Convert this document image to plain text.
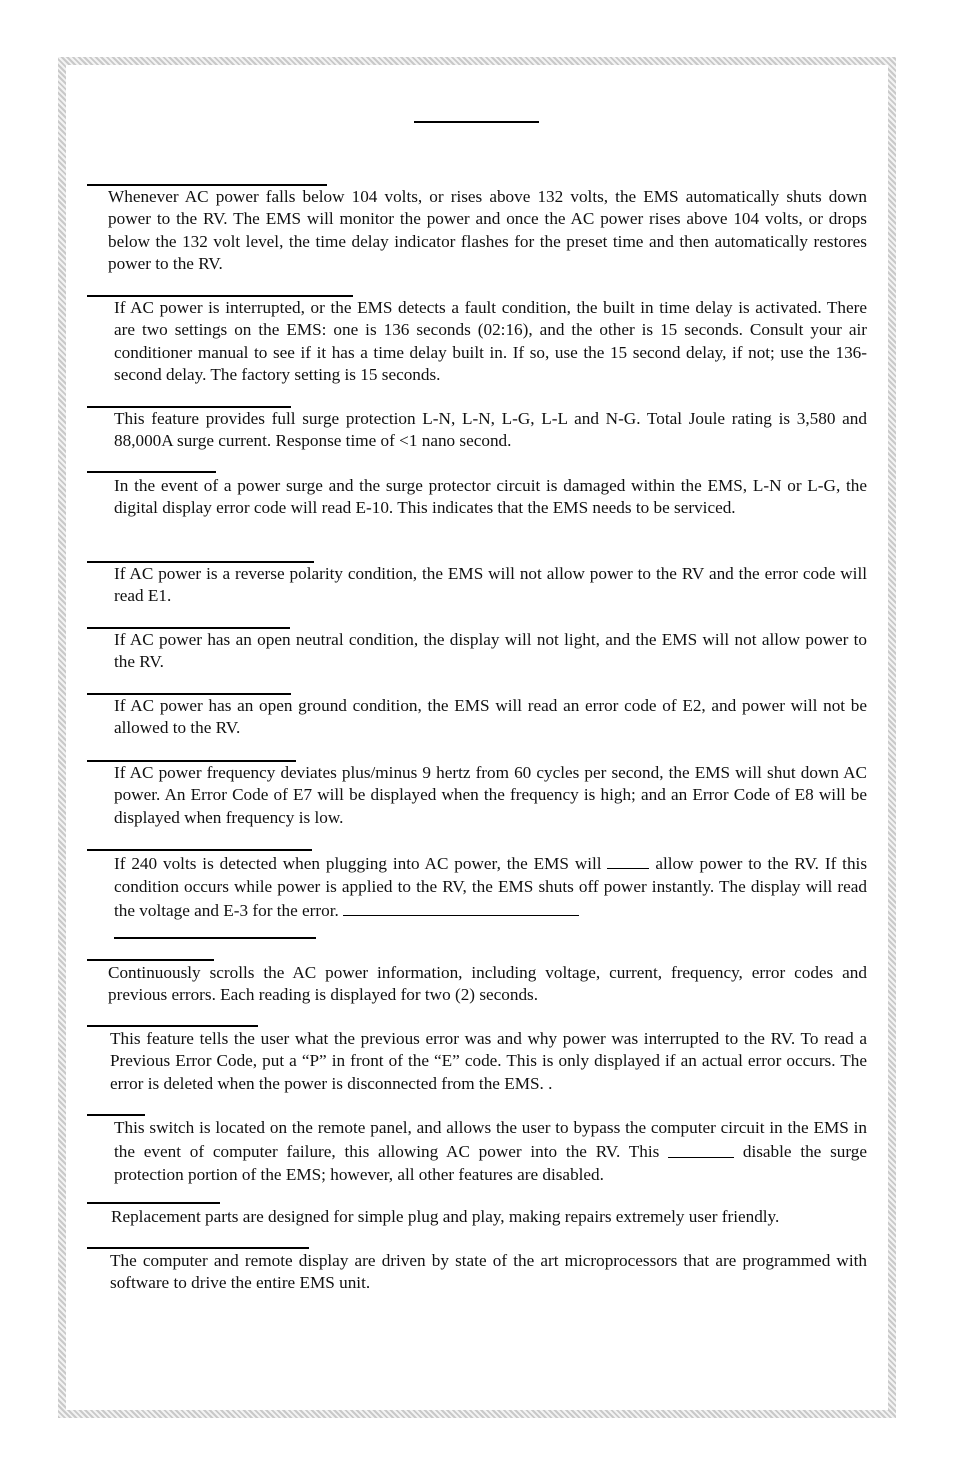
Whenever AC power falls below 104 volts, or rises above 132 volts, the EMS automatically shuts down power to the RV. The EMS will monitor the power and once the AC power rises above 104 volts, or drops below the 132 volt level, the time delay indicator flashes for the preset time and then automatically restores power to the RV.

If AC power is interrupted, or the EMS detects a fault condition, the built in time delay is activated. There are two settings on the EMS: one is 136 seconds (02:16), and the other is 15 seconds. Consult your air conditioner manual to see if it has a time delay built in. If so, use the 15 second delay, if not; use the 136-second delay. The factory setting is 15 seconds.

This feature provides full surge protection L-N, L-N, L-G, L-L and N-G. Total Joule rating is 3,580 and 88,000A surge current. Response time of <1 nano second.

In the event of a power surge and the surge protector circuit is damaged within the EMS, L-N or L-G, the digital display error code will read E-10. This indicates that the EMS needs to be serviced.

If AC power is a reverse polarity condition, the EMS will not allow power to the RV and the error code will read E1.

If AC power has an open neutral condition, the display will not light, and the EMS will not allow power to the RV.

If AC power has an open ground condition, the EMS will read an error code of E2, and power will not be allowed to the RV.

If AC power frequency deviates plus/minus 9 hertz from 60 cycles per second, the EMS will shut down AC power. An Error Code of E7 will be displayed when the frequency is high; and an Error Code of E8 will be displayed when frequency is low.

If 240 volts is detected when plugging into AC power, the EMS will	allow power to the RV. If this condition occurs while power is applied to the RV, the EMS shuts off power instantly. The display will read the voltage and E-3 for the error.

Continuously scrolls the AC power information, including voltage, current, frequency, error codes and previous errors. Each reading is displayed for two (2) seconds.

This feature tells the user what the previous error was and why power was interrupted to the RV. To read a Previous Error Code, put a “P” in front of the “E” code. This is only displayed if an actual error occurs. The error is deleted when the power is disconnected from the EMS. .

This switch is located on the remote panel, and allows the user to bypass the computer circuit in the EMS in the event of computer failure, this allowing AC power into the RV. This	disable the surge protection portion of the EMS; however, all other features are disabled.

Replacement parts are designed for simple plug and play, making repairs extremely user friendly.

The computer and remote display are driven by state of the art microprocessors that are programmed with software to drive the entire EMS unit.
